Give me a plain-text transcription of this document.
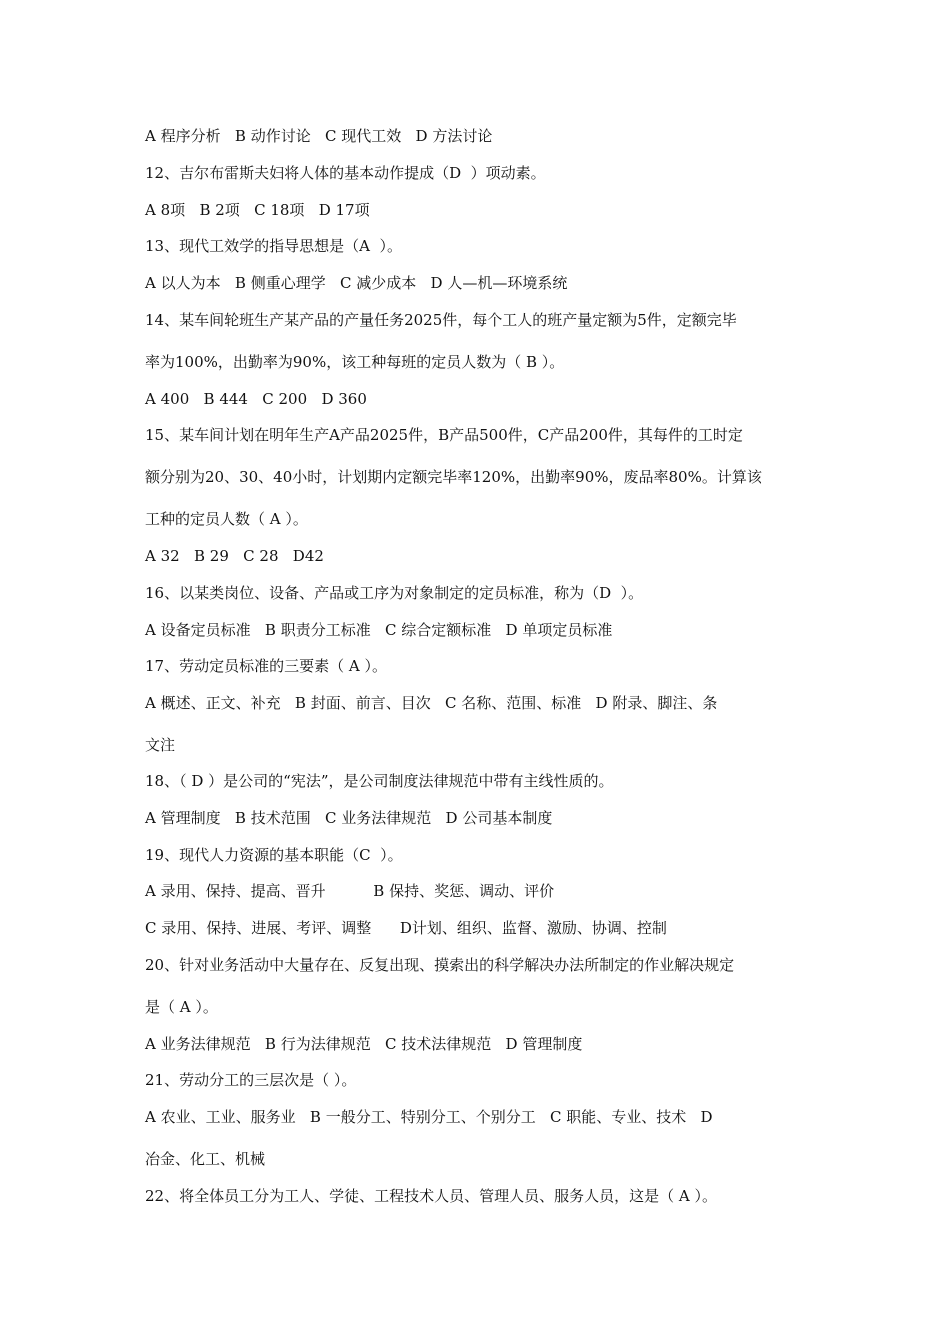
A 程序分析   B 动作讨论   C 现代工效   D 方法讨论
12、吉尔布雷斯夫妇将人体的基本动作提成（D  ）项动素。
A 8项   B 2项   C 18项   D 17项
13、现代工效学的指导思想是（A  ）。
A 以人为本   B 侧重心理学   C 减少成本   D 人—机—环境系统
14、某车间轮班生产某产品的产量任务2025件，每个工人的班产量定额为5件，定额完毕
率为100%，出勤率为90%，该工种每班的定员人数为（ B ）。
A 400   B 444   C 200   D 360
15、某车间计划在明年生产A产品2025件，B产品500件，C产品200件，其每件的工时定
额分别为20、30、40小时，计划期内定额完毕率120%，出勤率90%，废品率80%。计算该
工种的定员人数（ A ）。
A 32   B 29   C 28   D42
16、以某类岗位、设备、产品或工序为对象制定的定员标准，称为（D  ）。
A 设备定员标准   B 职责分工标准   C 综合定额标准   D 单项定员标准
17、劳动定员标准的三要素（ A ）。
A 概述、正文、补充   B 封面、前言、目次   C 名称、范围、标准   D 附录、脚注、条
文注
18、（ D ）是公司的“宪法”，是公司制度法律规范中带有主线性质的。
A 管理制度   B 技术范围   C 业务法律规范   D 公司基本制度
19、现代人力资源的基本职能（C  ）。
A 录用、保持、提高、晋升          B 保持、奖惩、调动、评价
C 录用、保持、进展、考评、调整      D计划、组织、监督、激励、协调、控制
20、针对业务活动中大量存在、反复出现、摸索出的科学解决办法所制定的作业解决规定
是（ A ）。
A 业务法律规范   B 行为法律规范   C 技术法律规范   D 管理制度
21、劳动分工的三层次是（ ）。
A 农业、工业、服务业   B 一般分工、特别分工、个别分工   C 职能、专业、技术   D
冶金、化工、机械
22、将全体员工分为工人、学徒、工程技术人员、管理人员、服务人员，这是（ A ）。
